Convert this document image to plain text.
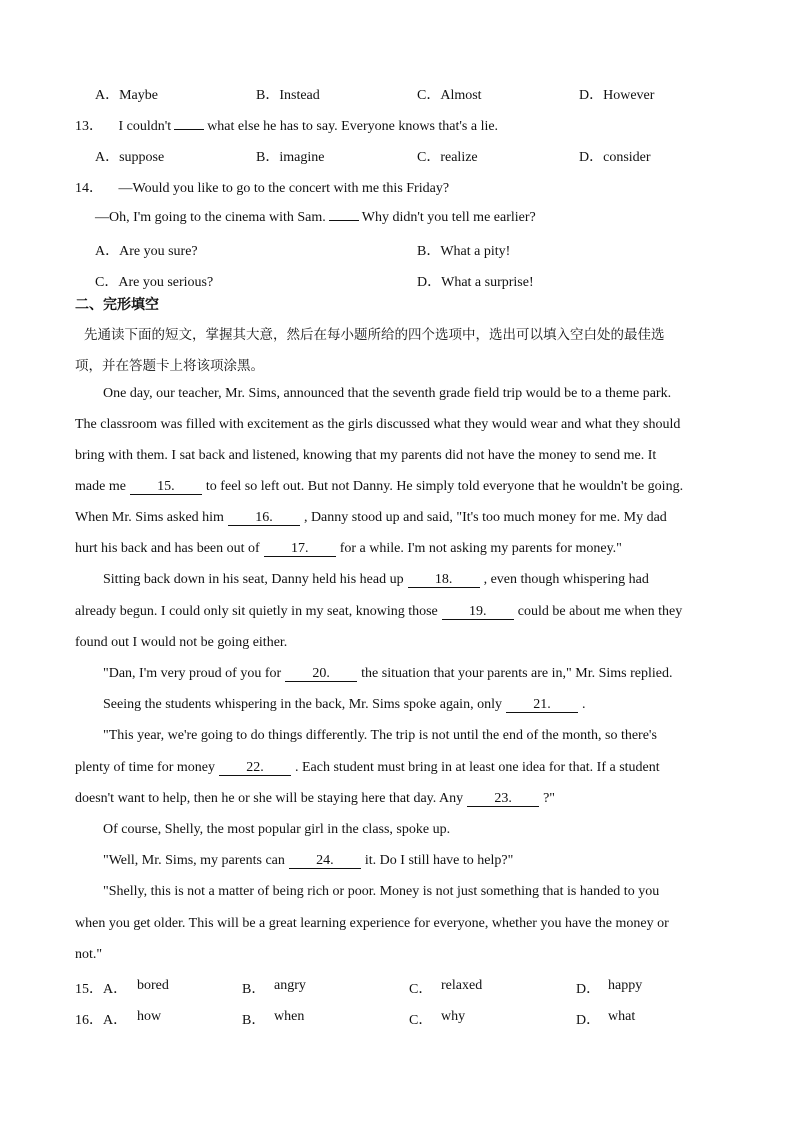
A．Maybe	B．Instead	C．Almost	D．However
13． I couldn't	what else he has to say. Everyone knows that's a lie.
A．suppose	B．imagine	C．realize	D．consider
14． —Would you like to go to the concert with me this Friday?
—Oh, I'm going to the cinema with Sam.	Why didn't you tell me earlier?
A．Are you sure?	B．What a pity!
C．Are you serious?	D．What a surprise!
二、完形填空
先通读下面的短文，掌握其大意，然后在每小题所给的四个选项中，选出可以填入空白处的最佳选
项，并在答题卡上将该项涂黑。
One day, our teacher, Mr. Sims, announced that the seventh grade field trip would be to a theme park.
The classroom was filled with excitement as the girls discussed what they would wear and what they should
bring with them. I sat back and listened, knowing that my parents did not have the money to send me. It
made me 15. to feel so left out. But not Danny. He simply told everyone that he wouldn't be going.
When Mr. Sims asked him 16. , Danny stood up and said, "It's too much money for me. My dad
hurt his back and has been out of 17. for a while. I'm not asking my parents for money."
Sitting back down in his seat, Danny held his head up 18. , even though whispering had
already begun. I could only sit quietly in my seat, knowing those 19. could be about me when they
found out I would not be going either.
"Dan, I'm very proud of you for 20. the situation that your parents are in," Mr. Sims replied.
Seeing the students whispering in the back, Mr. Sims spoke again, only 21. .
"This year, we're going to do things differently. The trip is not until the end of the month, so there's
plenty of time for money 22. . Each student must bring in at least one idea for that. If a student
doesn't want to help, then he or she will be staying here that day. Any 23. ?"
Of course, Shelly, the most popular girl in the class, spoke up.
"Well, Mr. Sims, my parents can 24. it. Do I still have to help?"
"Shelly, this is not a matter of being rich or poor. Money is not just something that is handed to you
when you get older. This will be a great learning experience for everyone, whether you have the money or
not."
15．A． bored	B． angry	C． relaxed	D． happy
16．A． how	B． when	C． why	D． what
